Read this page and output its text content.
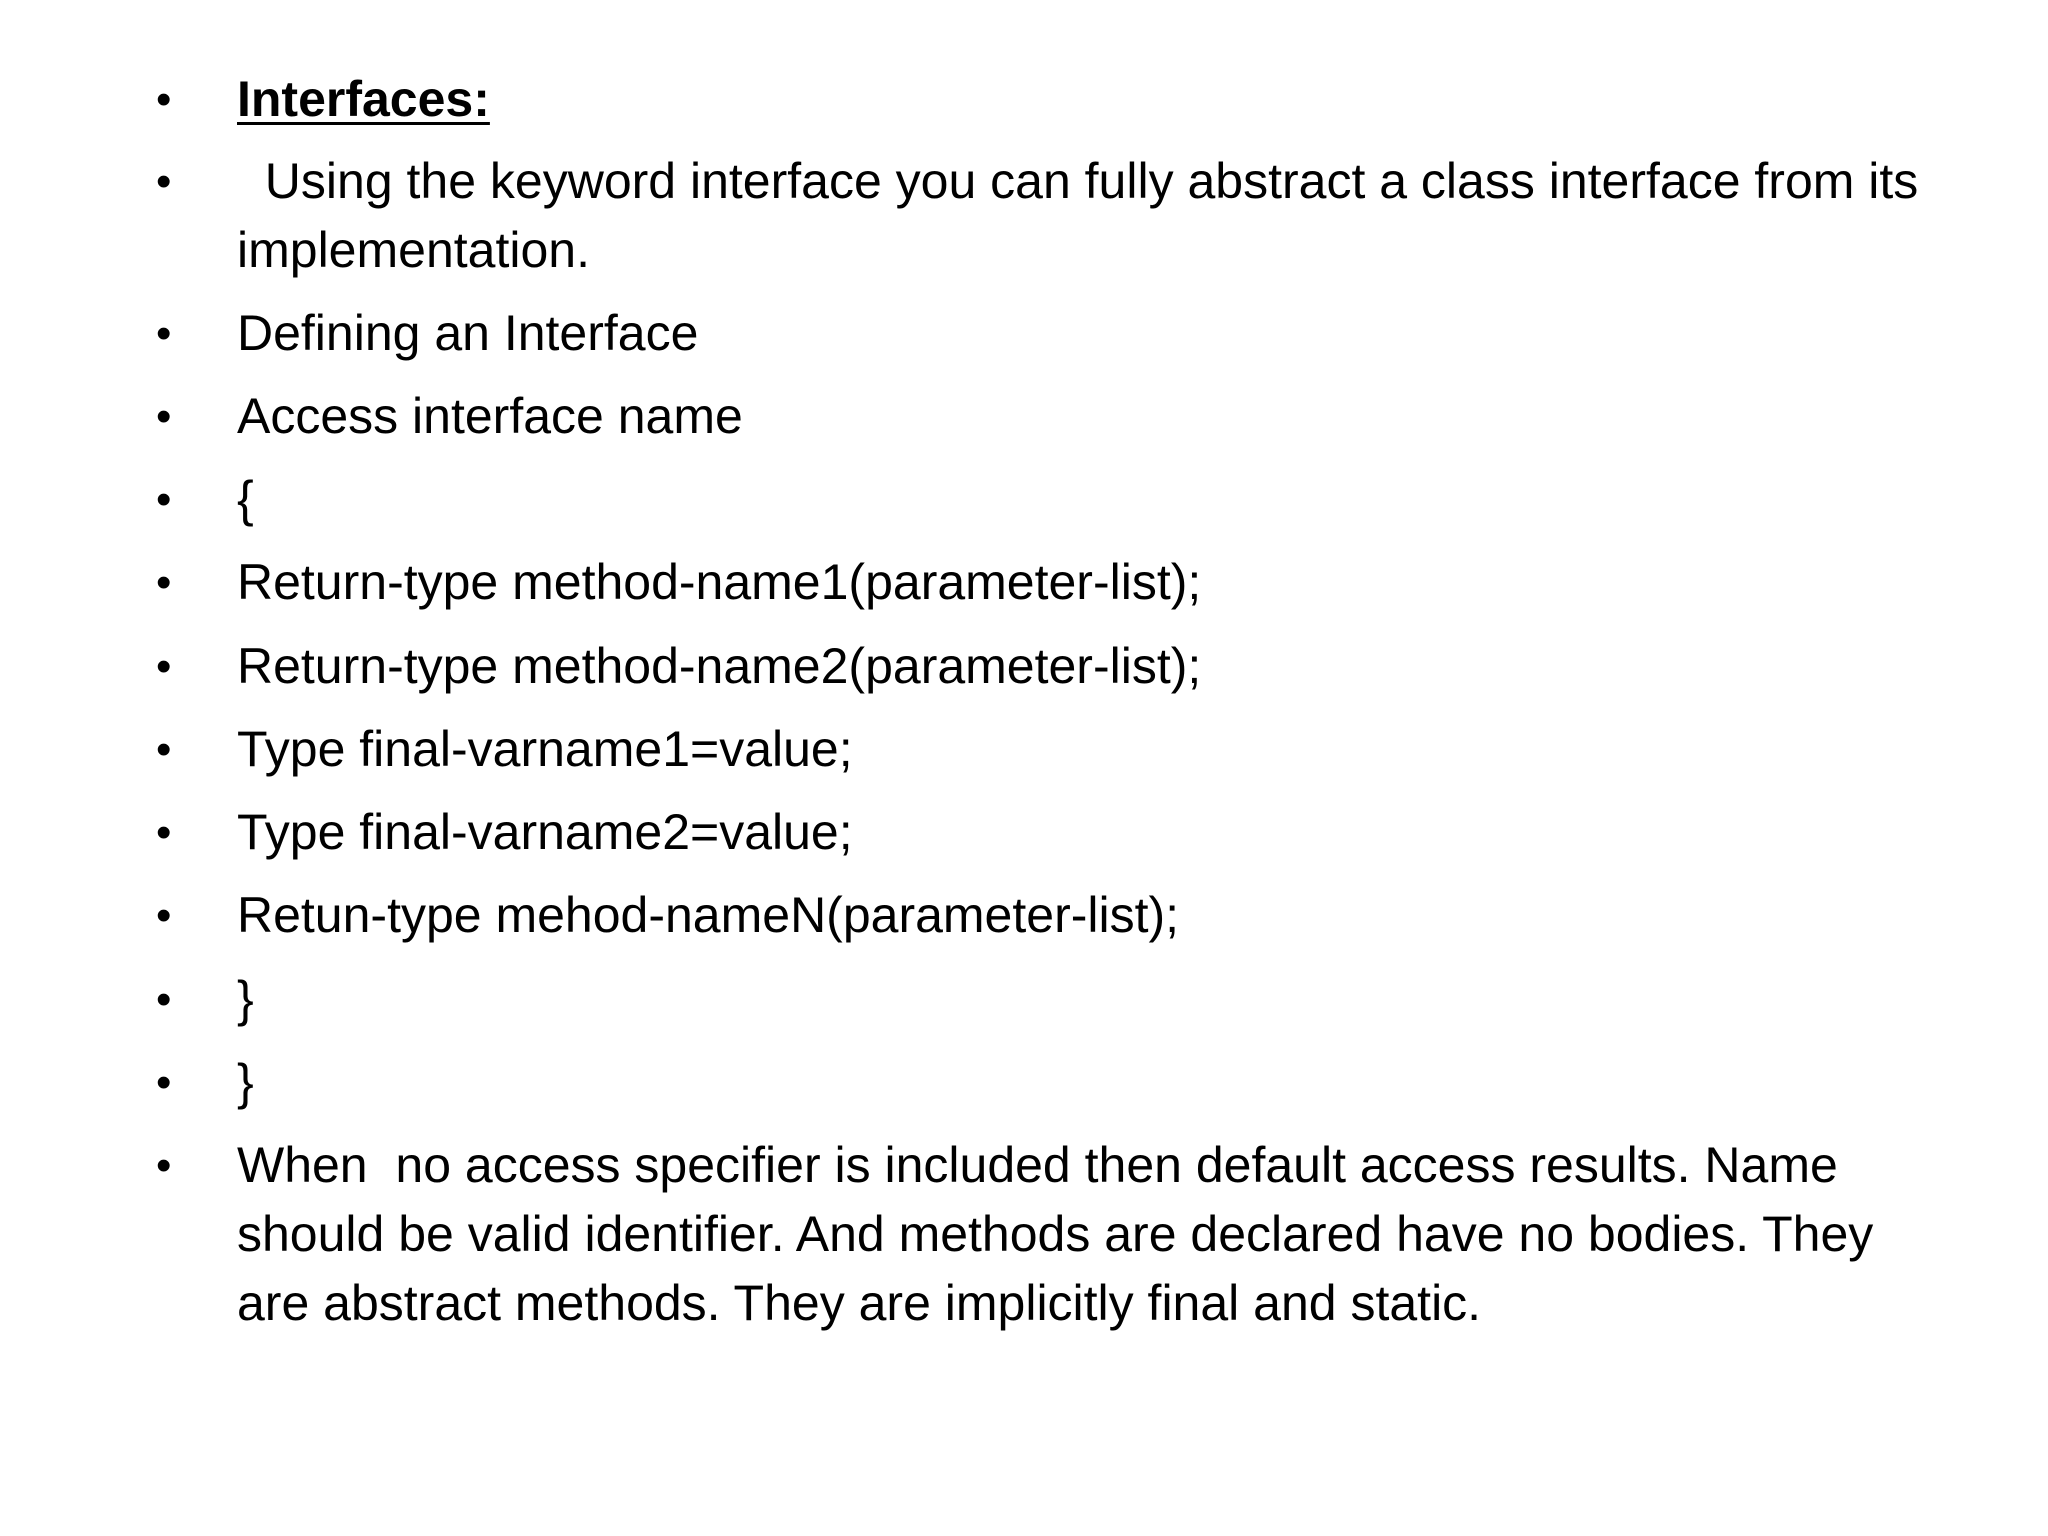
• Interfaces:
• Using the keyword interface you can fully abstract a class interface from its implementation.
• Defining an Interface
• Access interface name
• {
• Return-type method-name1(parameter-list);
• Return-type method-name2(parameter-list);
• Type final-varname1=value;
• Type final-varname2=value;
• Retun-type mehod-nameN(parameter-list);
• }
• }
• When  no access specifier is included then default access results. Name should be valid identifier. And methods are declared have no bodies. They are abstract methods. They are implicitly final and static.
